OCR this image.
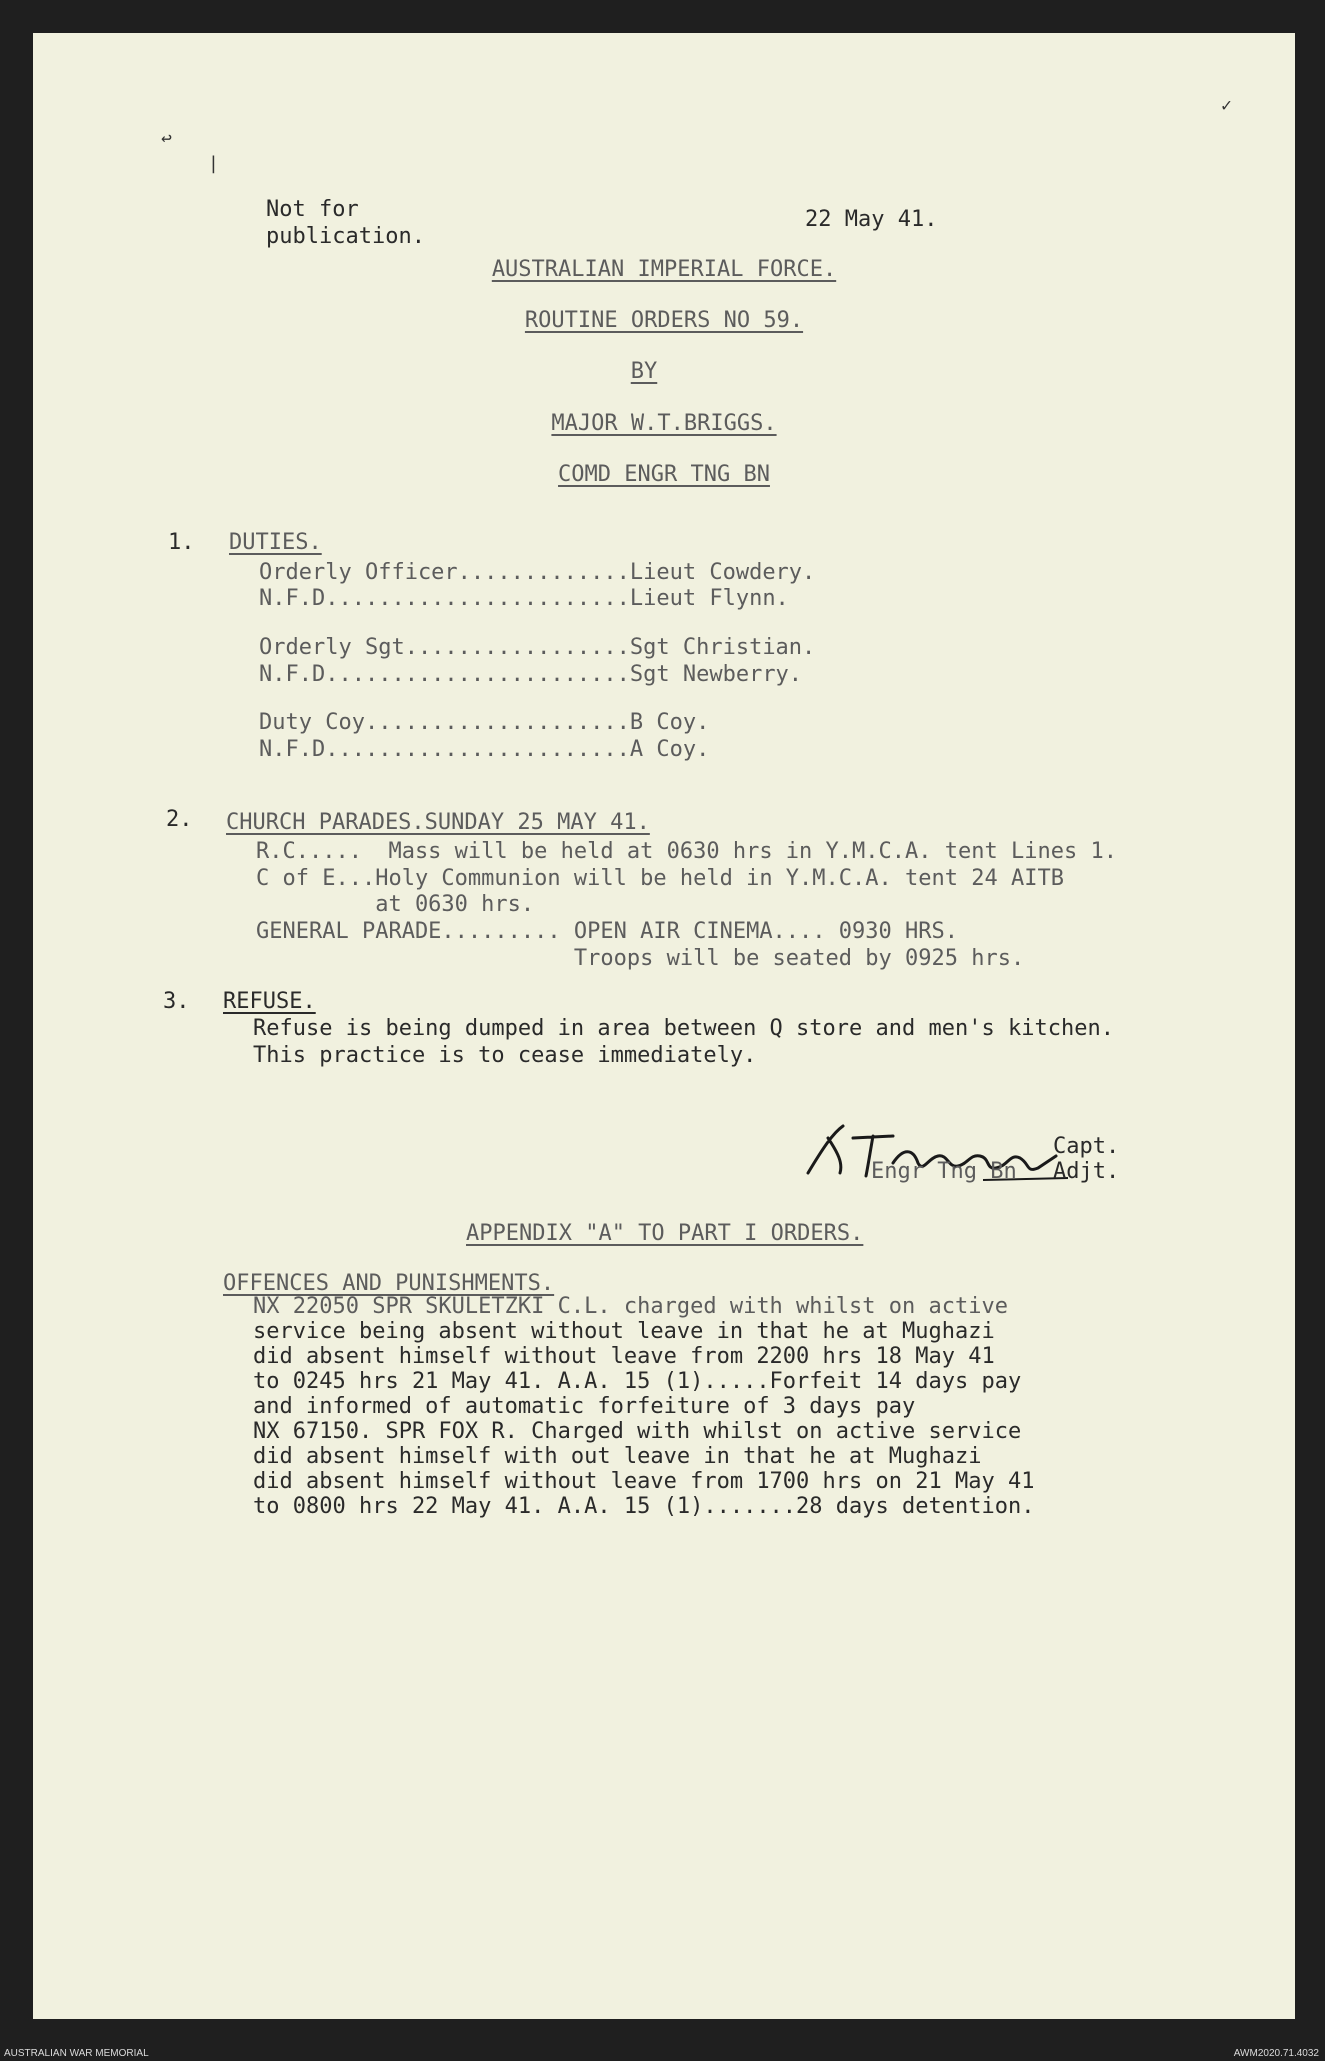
↩
|
✓
Not for
publication.
22 May 41.
AUSTRALIAN IMPERIAL FORCE.
ROUTINE ORDERS NO 59.
BY
MAJOR W.T.BRIGGS.
COMD ENGR TNG BN
1. DUTIES.
Orderly Officer.............Lieut Cowdery.
N.F.D.......................Lieut Flynn.
Orderly Sgt.................Sgt Christian.
N.F.D.......................Sgt Newberry.
Duty Coy....................B Coy.
N.F.D.......................A Coy.
2. CHURCH PARADES.SUNDAY 25 MAY 41.
R.C.....  Mass will be held at 0630 hrs in Y.M.C.A. tent Lines 1.
C of E...Holy Communion will be held in Y.M.C.A. tent 24 AITB
at 0630 hrs.
GENERAL PARADE......... OPEN AIR CINEMA.... 0930 HRS.
Troops will be seated by 0925 hrs.
3. REFUSE.
Refuse is being dumped in area between Q store and men's kitchen.
This practice is to cease immediately.
Capt.
Engr Tng Bn Adjt.
APPENDIX "A" TO PART I ORDERS.
OFFENCES AND PUNISHMENTS.
NX 22050 SPR SKULETZKI C.L. charged with whilst on active
service being absent without leave in that he at Mughazi
did absent himself without leave from 2200 hrs 18 May 41
to 0245 hrs 21 May 41. A.A. 15 (1).....Forfeit 14 days pay
and informed of automatic forfeiture of 3 days pay
NX 67150. SPR FOX R. Charged with whilst on active service
did absent himself with out leave in that he at Mughazi
did absent himself without leave from 1700 hrs on 21 May 41
to 0800 hrs 22 May 41. A.A. 15 (1).......28 days detention.
AUSTRALIAN WAR MEMORIAL	AWM2020.71.4032
